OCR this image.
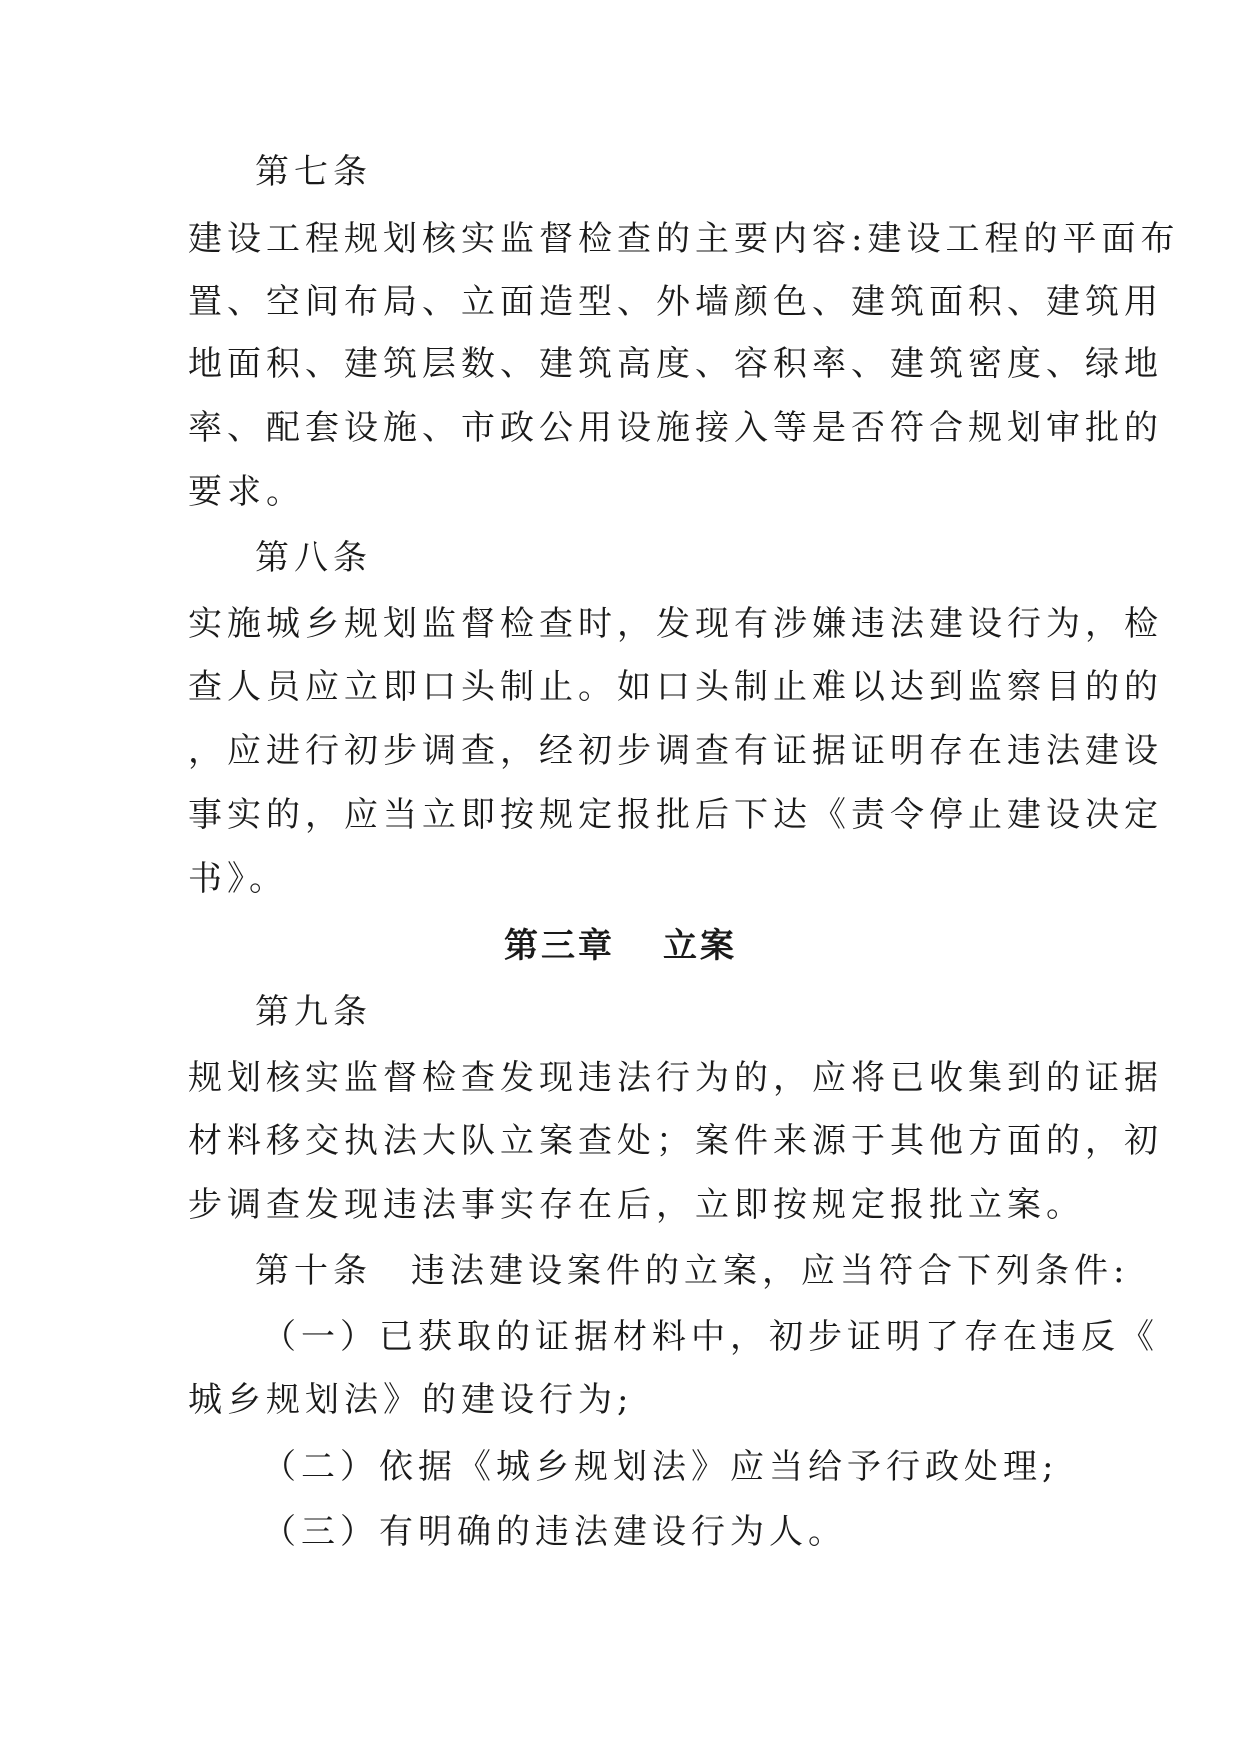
第七条
建设工程规划核实监督检查的主要内容:建设工程的平面布
置、空间布局、立面造型、外墙颜色、建筑面积、建筑用
地面积、建筑层数、建筑高度、容积率、建筑密度、绿地
率、配套设施、市政公用设施接入等是否符合规划审批的
要求。
第八条
实施城乡规划监督检查时，发现有涉嫌违法建设行为，检
查人员应立即口头制止。如口头制止难以达到监察目的的
，应进行初步调查，经初步调查有证据证明存在违法建设
事实的，应当立即按规定报批后下达《责令停止建设决定
书》。
第三章 立案
第九条
规划核实监督检查发现违法行为的，应将已收集到的证据
材料移交执法大队立案查处；案件来源于其他方面的，初
步调查发现违法事实存在后，立即按规定报批立案。
第十条　违法建设案件的立案，应当符合下列条件:
（一）已获取的证据材料中，初步证明了存在违反《
城乡规划法》的建设行为;
（二）依据《城乡规划法》应当给予行政处理;
（三）有明确的违法建设行为人。
